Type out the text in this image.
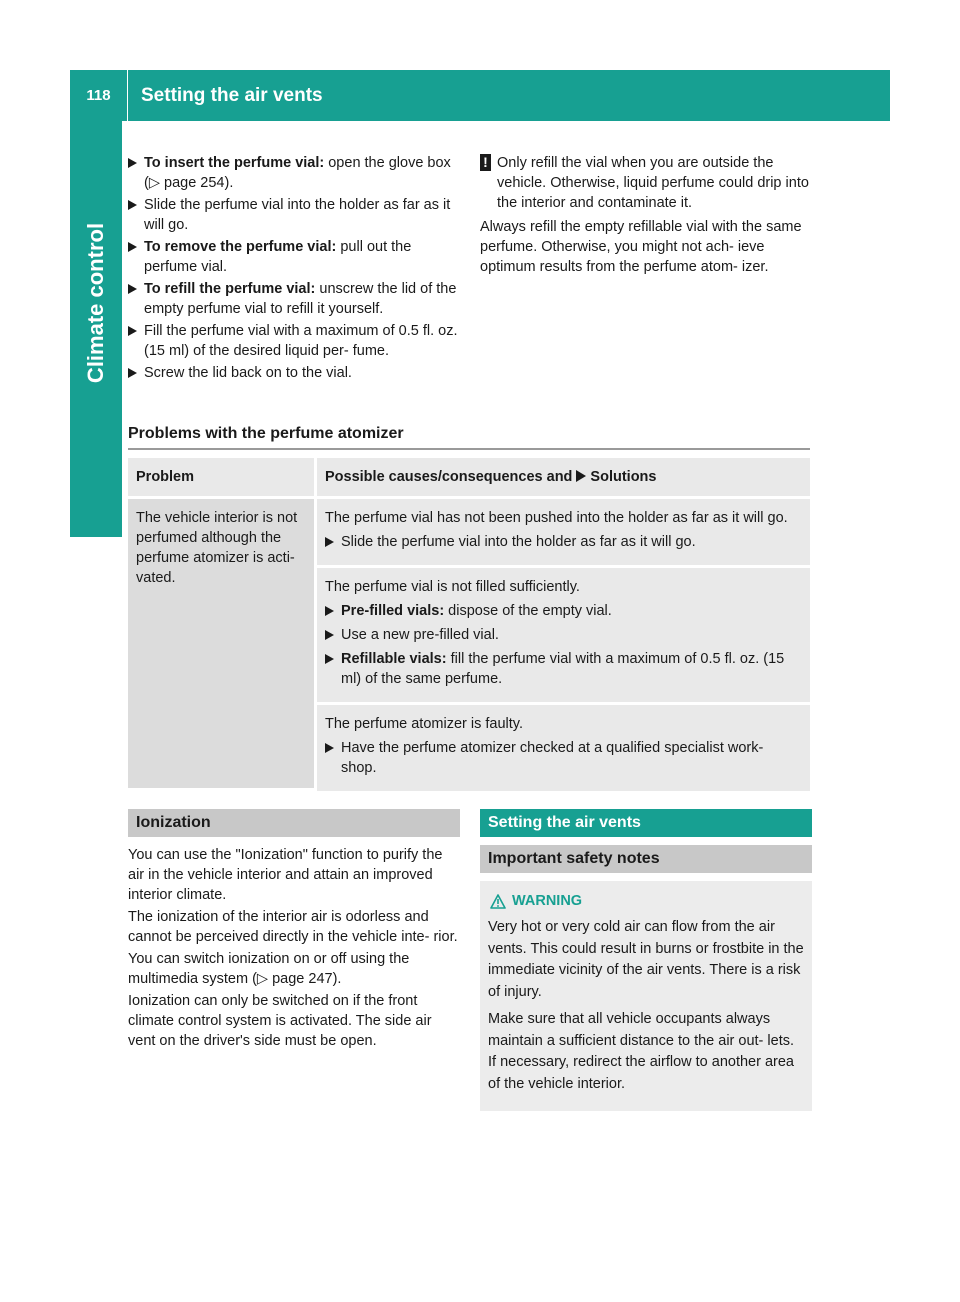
118	Setting the air vents
Climate control
To insert the perfume vial: open the glove box (▷ page 254).
Slide the perfume vial into the holder as far as it will go.
To remove the perfume vial: pull out the perfume vial.
To refill the perfume vial: unscrew the lid of the empty perfume vial to refill it yourself.
Fill the perfume vial with a maximum of 0.5 fl. oz. (15 ml) of the desired liquid per- fume.
Screw the lid back on to the vial.
! Only refill the vial when you are outside the vehicle. Otherwise, liquid perfume could drip into the interior and contaminate it.

Always refill the empty refillable vial with the same perfume. Otherwise, you might not ach- ieve optimum results from the perfume atom- izer.

Problems with the perfume atomizer
Problem	Possible causes/consequences and Solutions
The vehicle interior is not perfumed although the perfume atomizer is acti- vated.	The perfume vial has not been pushed into the holder as far as it will go.
Slide the perfume vial into the holder as far as it will go.

	The perfume vial is not filled sufficiently.
Pre-filled vials: dispose of the empty vial.
Use a new pre-filled vial.
Refillable vials: fill the perfume vial with a maximum of 0.5 fl. oz. (15 ml) of the same perfume.

	The perfume atomizer is faulty.
Have the perfume atomizer checked at a qualified specialist work- shop.
Ionization

You can use the "Ionization" function to purify the air in the vehicle interior and attain an improved interior climate.

The ionization of the interior air is odorless and cannot be perceived directly in the vehicle inte- rior.

You can switch ionization on or off using the multimedia system (▷ page 247).

Ionization can only be switched on if the front climate control system is activated. The side air vent on the driver's side must be open.

Setting the air vents
Important safety notes
WARNING

Very hot or very cold air can flow from the air vents. This could result in burns or frostbite in the immediate vicinity of the air vents. There is a risk of injury.

Make sure that all vehicle occupants always maintain a sufficient distance to the air out- lets. If necessary, redirect the airflow to another area of the vehicle interior.
